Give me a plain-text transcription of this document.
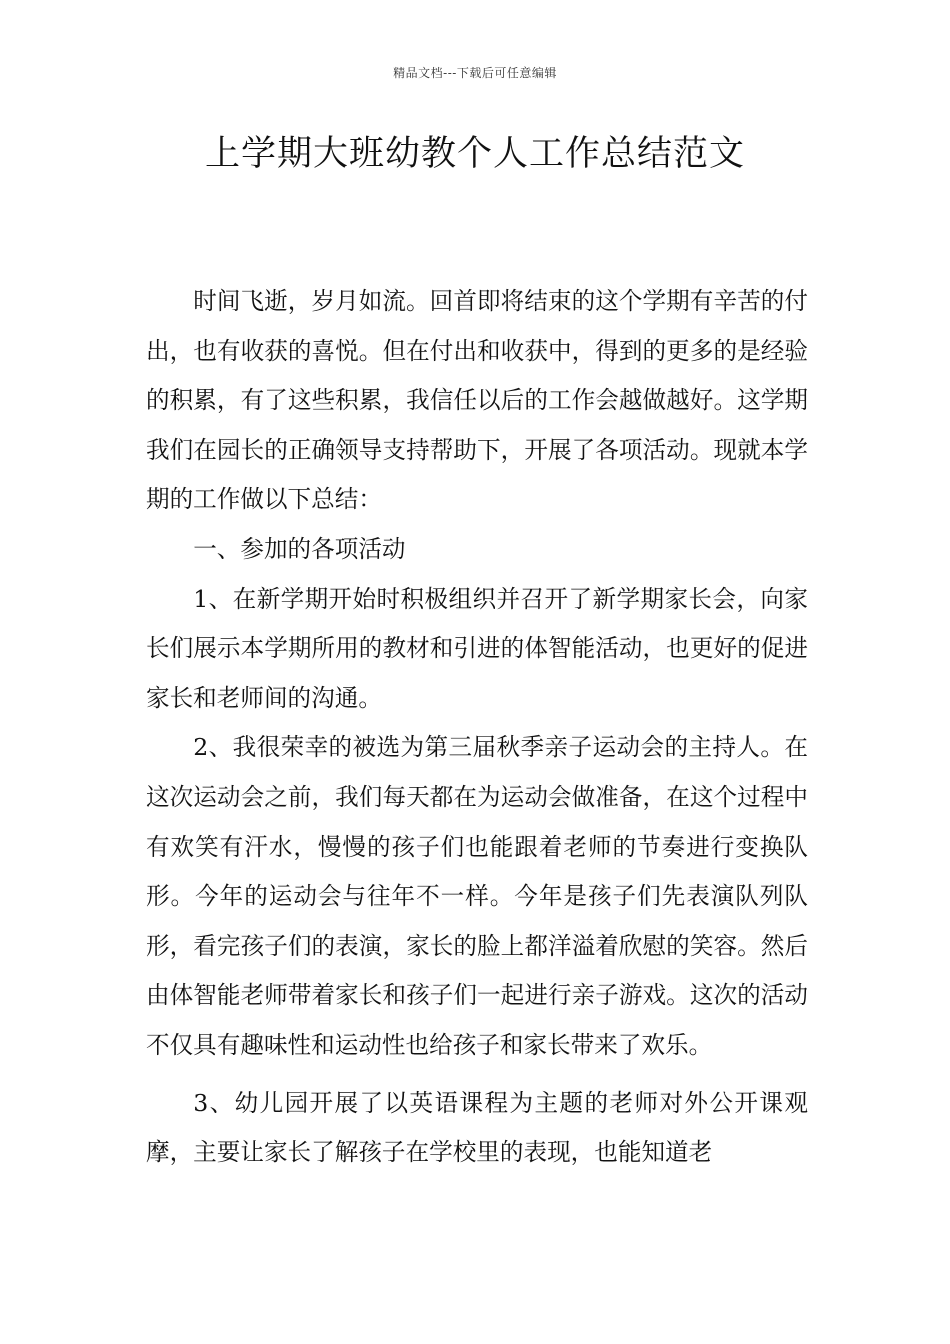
精品文档---下载后可任意编辑
上学期大班幼教个人工作总结范文

时间飞逝，岁月如流。回首即将结束的这个学期有辛苦的付出，也有收获的喜悦。但在付出和收获中，得到的更多的是经验的积累，有了这些积累，我信任以后的工作会越做越好。这学期我们在园长的正确领导支持帮助下，开展了各项活动。现就本学期的工作做以下总结：

一、参加的各项活动

1、在新学期开始时积极组织并召开了新学期家长会，向家长们展示本学期所用的教材和引进的体智能活动，也更好的促进家长和老师间的沟通。

2、我很荣幸的被选为第三届秋季亲子运动会的主持人。在这次运动会之前，我们每天都在为运动会做准备，在这个过程中有欢笑有汗水，慢慢的孩子们也能跟着老师的节奏进行变换队形。今年的运动会与往年不一样。今年是孩子们先表演队列队形，看完孩子们的表演，家长的脸上都洋溢着欣慰的笑容。然后由体智能老师带着家长和孩子们一起进行亲子游戏。这次的活动不仅具有趣味性和运动性也给孩子和家长带来了欢乐。

3、幼儿园开展了以英语课程为主题的老师对外公开课观摩，主要让家长了解孩子在学校里的表现，也能知道老
